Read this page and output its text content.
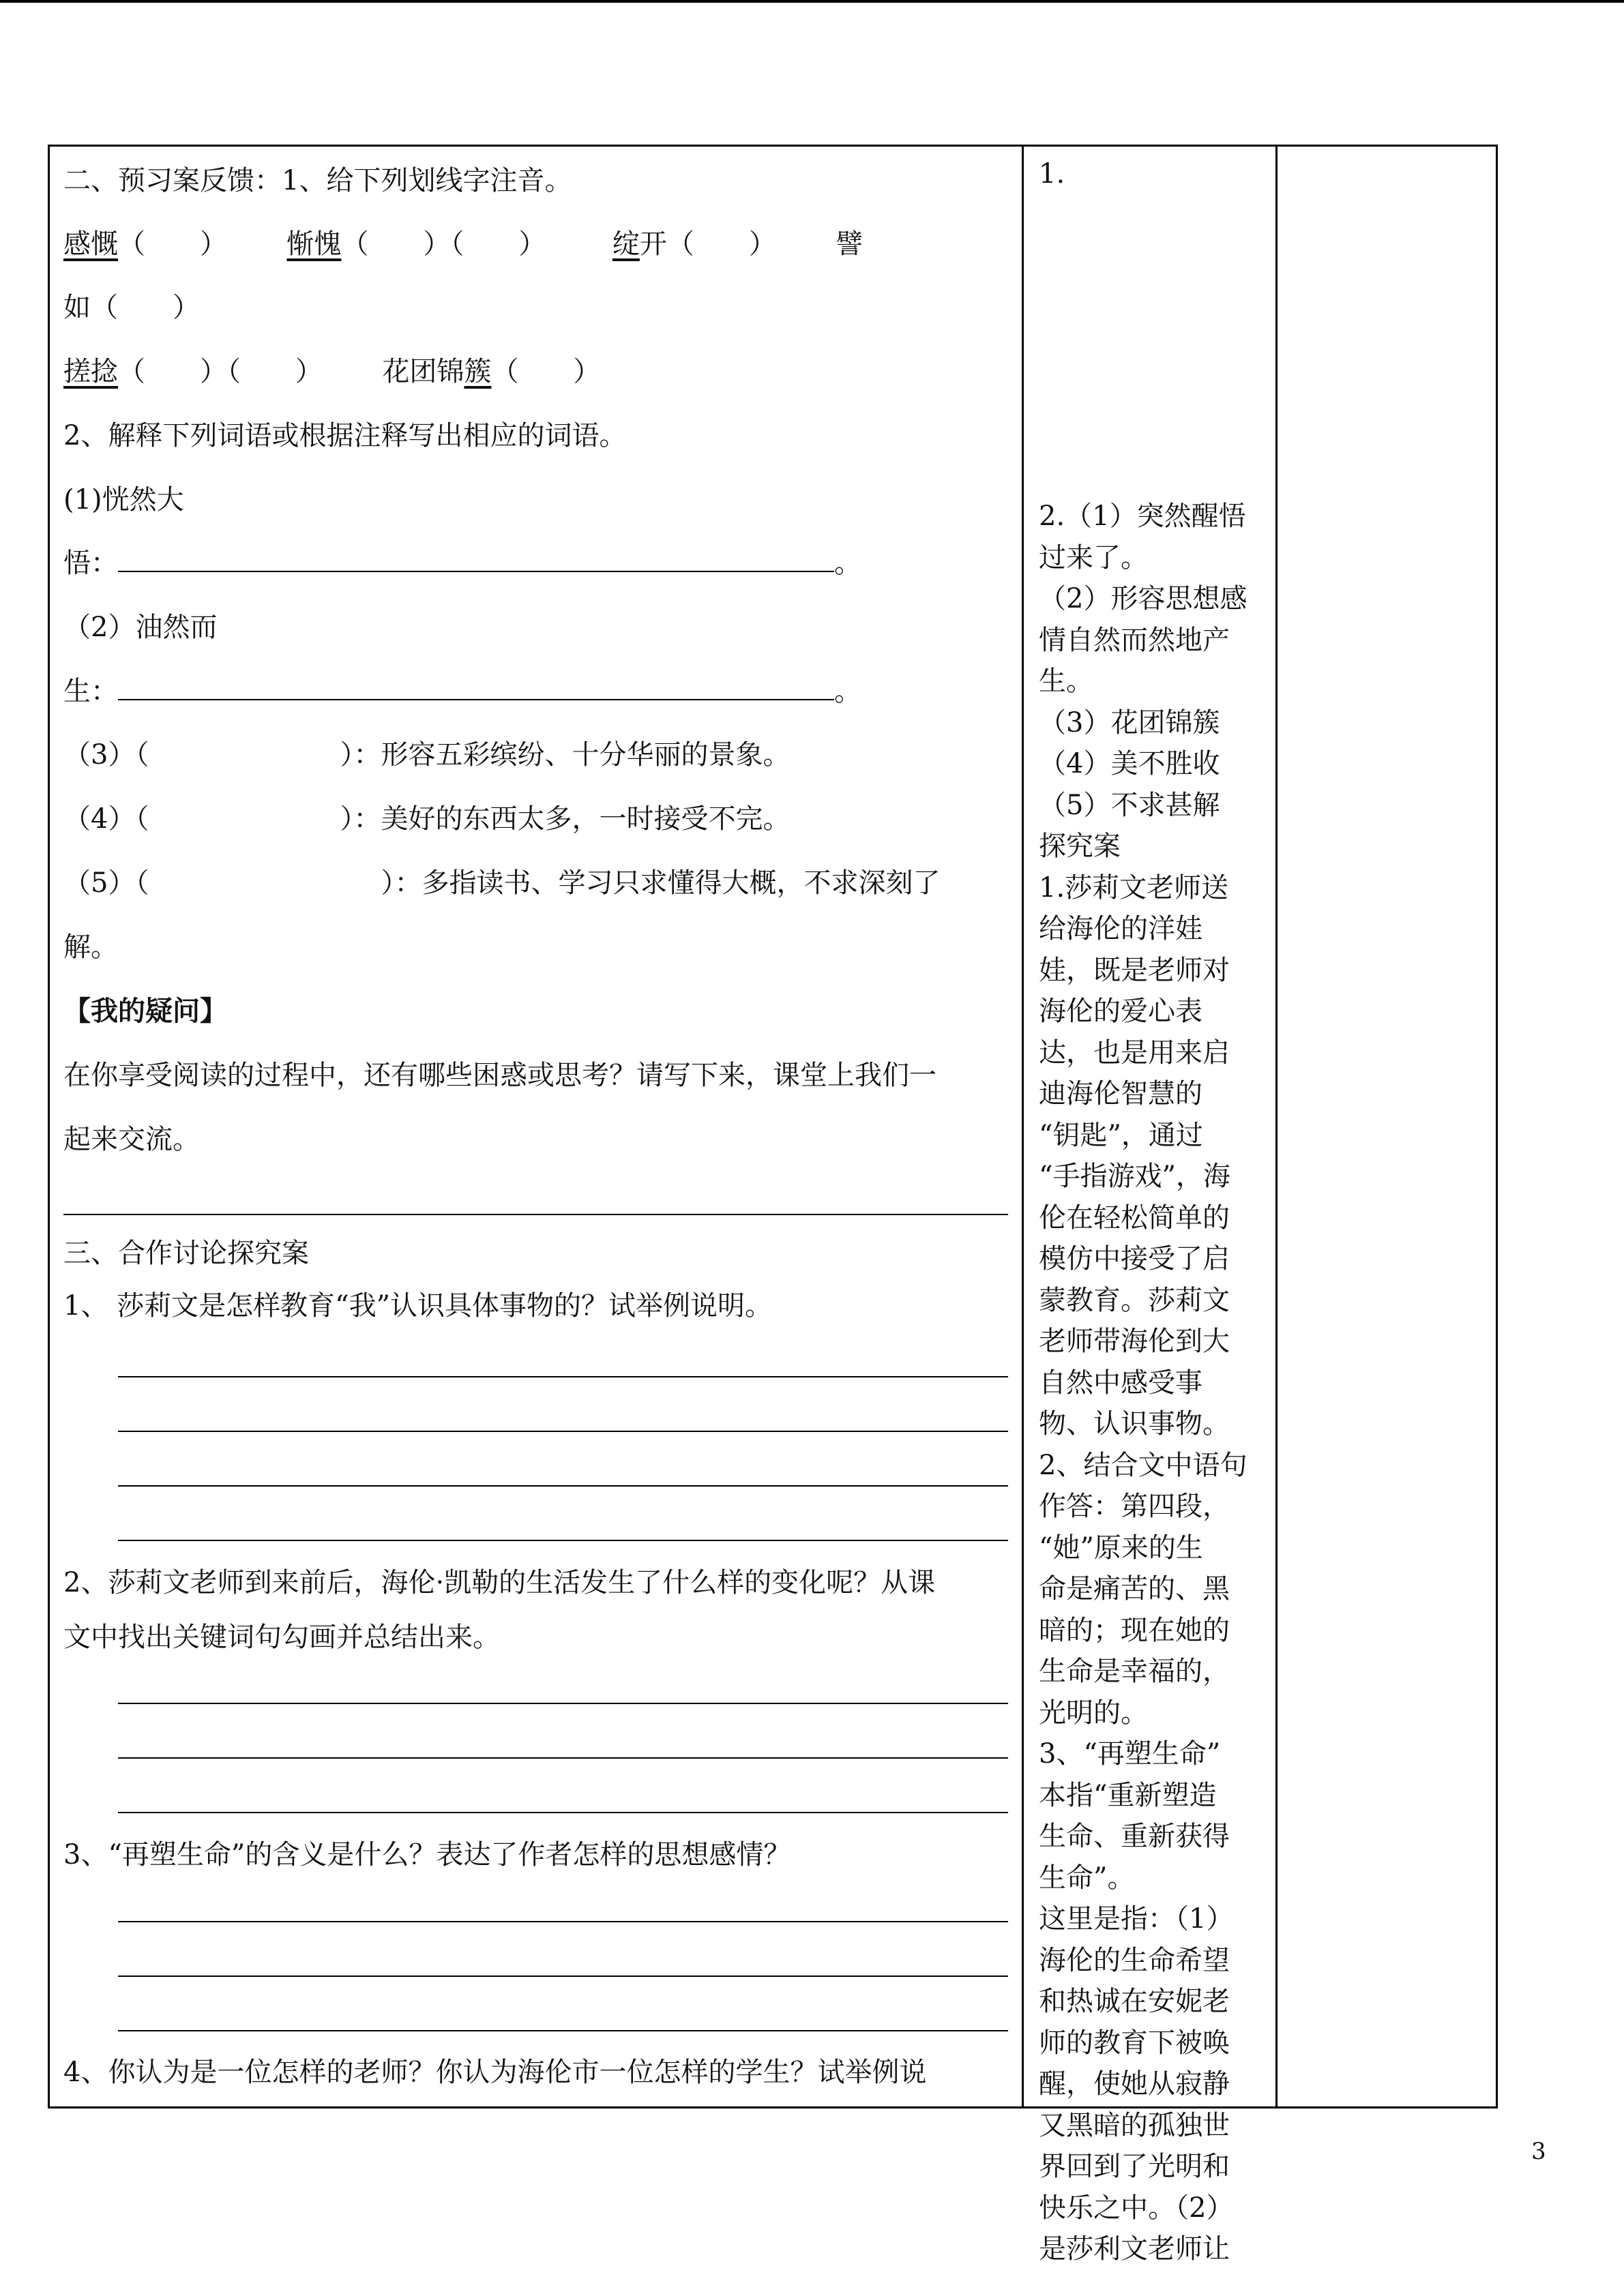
二、预习案反馈：1、给下列划线字注音。
感慨（　　） 惭愧（　　）（　　） 绽开（　　） 譬
如（　　）
搓捻（　　）（　　） 花团锦簇（　　）
2、解释下列词语或根据注释写出相应的词语。
(1)恍然大
悟：	。
（2）油然而
生：	。
（3）（	）：形容五彩缤纷、十分华丽的景象。
（4）（	）：美好的东西太多，一时接受不完。
（5）（	）：多指读书、学习只求懂得大概，不求深刻了
解。
【我的疑问】
在你享受阅读的过程中，还有哪些困惑或思考？请写下来，课堂上我们一
起来交流。
三、合作讨论探究案
1、 莎莉文是怎样教育“我”认识具体事物的？试举例说明。
2、莎莉文老师到来前后，海伦·凯勒的生活发生了什么样的变化呢？从课
文中找出关键词句勾画并总结出来。
3、“再塑生命”的含义是什么？表达了作者怎样的思想感情？
4、你认为是一位怎样的老师？你认为海伦市一位怎样的学生？试举例说
1.
2.（1）突然醒悟
过来了。
（2）形容思想感
情自然而然地产
生。
（3）花团锦簇
（4）美不胜收
（5）不求甚解
探究案
1.莎莉文老师送
给海伦的洋娃
娃，既是老师对
海伦的爱心表
达，也是用来启
迪海伦智慧的
“钥匙”，通过
“手指游戏”，海
伦在轻松简单的
模仿中接受了启
蒙教育。莎莉文
老师带海伦到大
自然中感受事
物、认识事物。
2、结合文中语句
作答：第四段，
“她”原来的生
命是痛苦的、黑
暗的；现在她的
生命是幸福的，
光明的。
3、“再塑生命”
本指“重新塑造
生命、重新获得
生命”。
这里是指：（1）
海伦的生命希望
和热诚在安妮老
师的教育下被唤
醒，使她从寂静
又黑暗的孤独世
界回到了光明和
快乐之中。（2）
是莎利文老师让
3
